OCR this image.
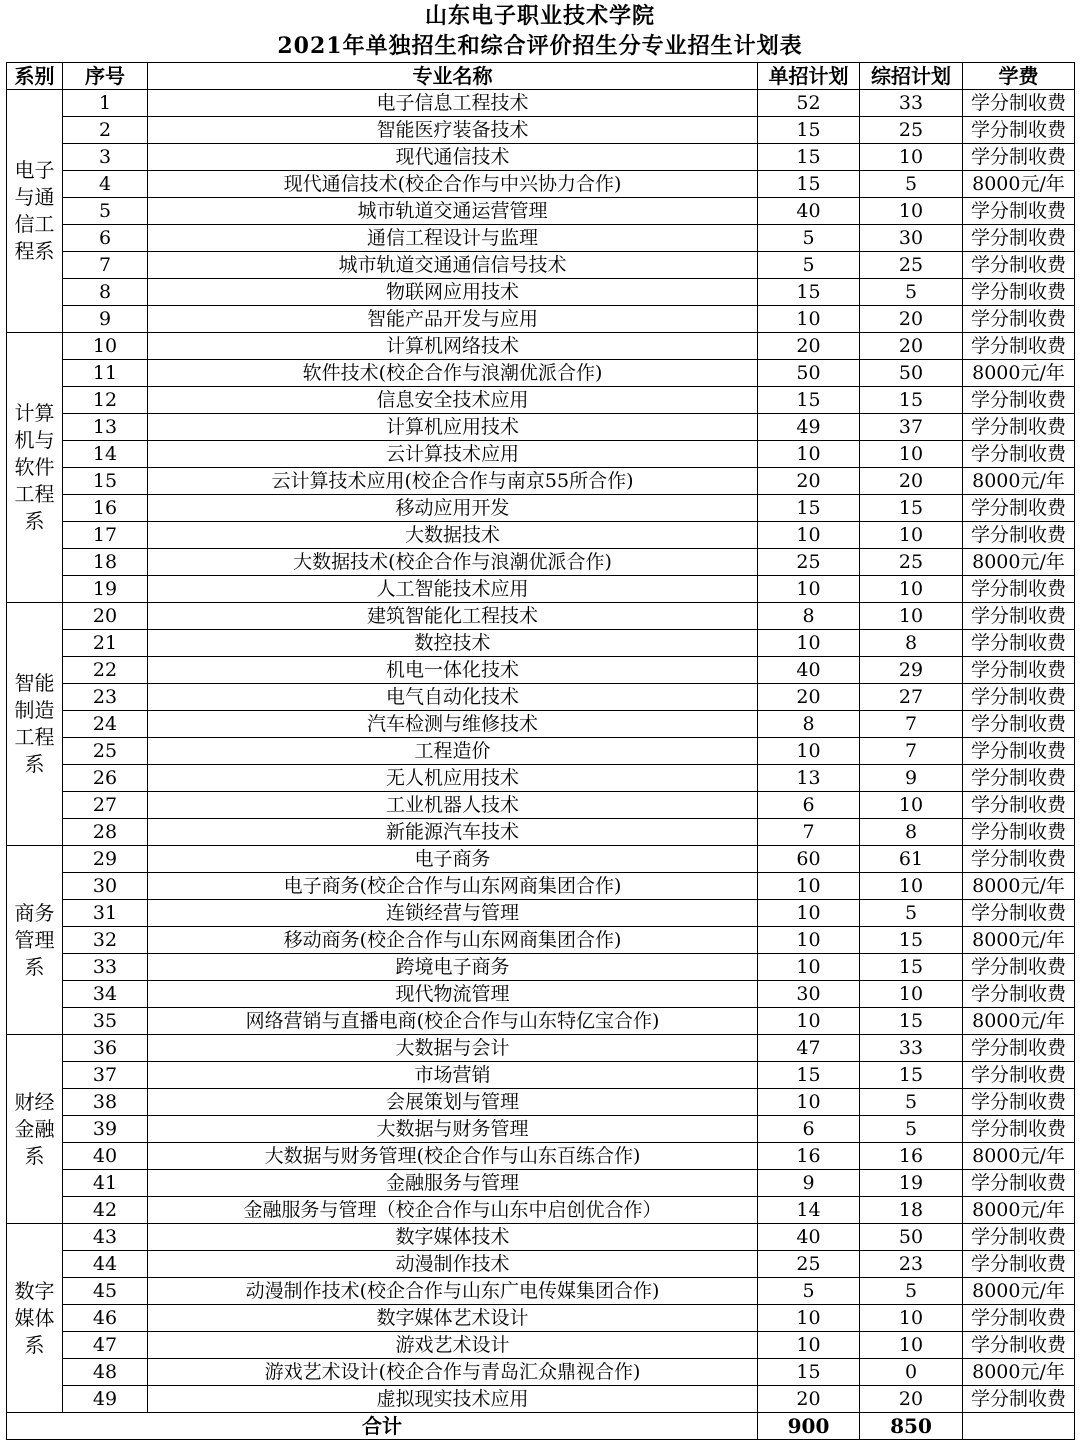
山东电子职业技术学院
2021年单独招生和综合评价招生分专业招生计划表
系别	序号	专业名称	单招计划	综招计划	学费

电子与通信工程系	1	电子信息工程技术	52	33	学分制收费
	2	智能医疗装备技术	15	25	学分制收费
	3	现代通信技术	15	10	学分制收费
	4	现代通信技术(校企合作与中兴协力合作)	15	5	8000元/年
	5	城市轨道交通运营管理	40	10	学分制收费
	6	通信工程设计与监理	5	30	学分制收费
	7	城市轨道交通通信信号技术	5	25	学分制收费
	8	物联网应用技术	15	5	学分制收费
	9	智能产品开发与应用	10	20	学分制收费

计算机与软件工程系	10	计算机网络技术	20	20	学分制收费
	11	软件技术(校企合作与浪潮优派合作)	50	50	8000元/年
	12	信息安全技术应用	15	15	学分制收费
	13	计算机应用技术	49	37	学分制收费
	14	云计算技术应用	10	10	学分制收费
	15	云计算技术应用(校企合作与南京55所合作)	20	20	8000元/年
	16	移动应用开发	15	15	学分制收费
	17	大数据技术	10	10	学分制收费
	18	大数据技术(校企合作与浪潮优派合作)	25	25	8000元/年
	19	人工智能技术应用	10	10	学分制收费

智能制造工程系	20	建筑智能化工程技术	8	10	学分制收费
	21	数控技术	10	8	学分制收费
	22	机电一体化技术	40	29	学分制收费
	23	电气自动化技术	20	27	学分制收费
	24	汽车检测与维修技术	8	7	学分制收费
	25	工程造价	10	7	学分制收费
	26	无人机应用技术	13	9	学分制收费
	27	工业机器人技术	6	10	学分制收费
	28	新能源汽车技术	7	8	学分制收费

商务管理系	29	电子商务	60	61	学分制收费
	30	电子商务(校企合作与山东网商集团合作)	10	10	8000元/年
	31	连锁经营与管理	10	5	学分制收费
	32	移动商务(校企合作与山东网商集团合作)	10	15	8000元/年
	33	跨境电子商务	10	15	学分制收费
	34	现代物流管理	30	10	学分制收费
	35	网络营销与直播电商(校企合作与山东特亿宝合作)	10	15	8000元/年

财经金融系	36	大数据与会计	47	33	学分制收费
	37	市场营销	15	15	学分制收费
	38	会展策划与管理	10	5	学分制收费
	39	大数据与财务管理	6	5	学分制收费
	40	大数据与财务管理(校企合作与山东百练合作)	16	16	8000元/年
	41	金融服务与管理	9	19	学分制收费
	42	金融服务与管理（校企合作与山东中启创优合作）	14	18	8000元/年

数字媒体系	43	数字媒体技术	40	50	学分制收费
	44	动漫制作技术	25	23	学分制收费
	45	动漫制作技术(校企合作与山东广电传媒集团合作)	5	5	8000元/年
	46	数字媒体艺术设计	10	10	学分制收费
	47	游戏艺术设计	10	10	学分制收费
	48	游戏艺术设计(校企合作与青岛汇众鼎视合作)	15	0	8000元/年
	49	虚拟现实技术应用	20	20	学分制收费
合计			900	850	
